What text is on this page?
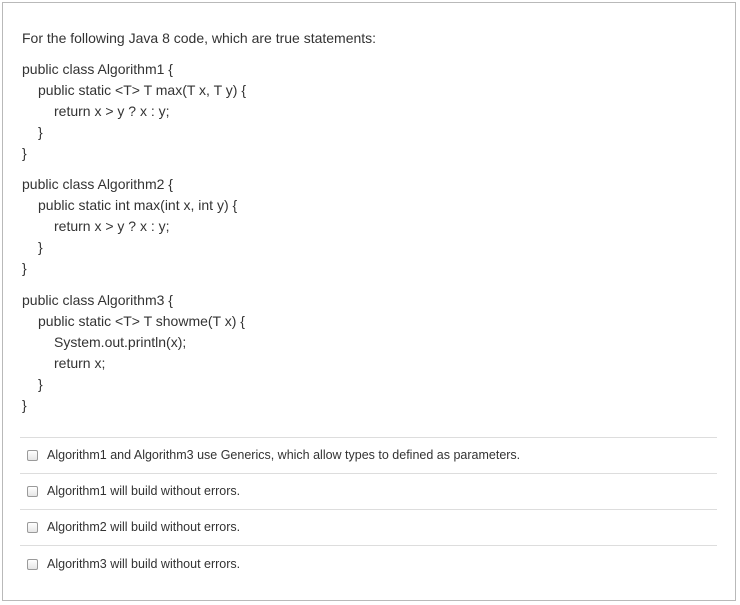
For the following Java 8 code, which are true statements:
public class Algorithm1 {
public static <T> T max(T x, T y) {
return x > y ? x : y;
}
}
public class Algorithm2 {
public static int max(int x, int y) {
return x > y ? x : y;
}
}
public class Algorithm3 {
public static <T> T showme(T x) {
System.out.println(x);
return x;
}
}
Algorithm1 and Algorithm3 use Generics, which allow types to defined as parameters.
Algorithm1 will build without errors.
Algorithm2 will build without errors.
Algorithm3 will build without errors.
